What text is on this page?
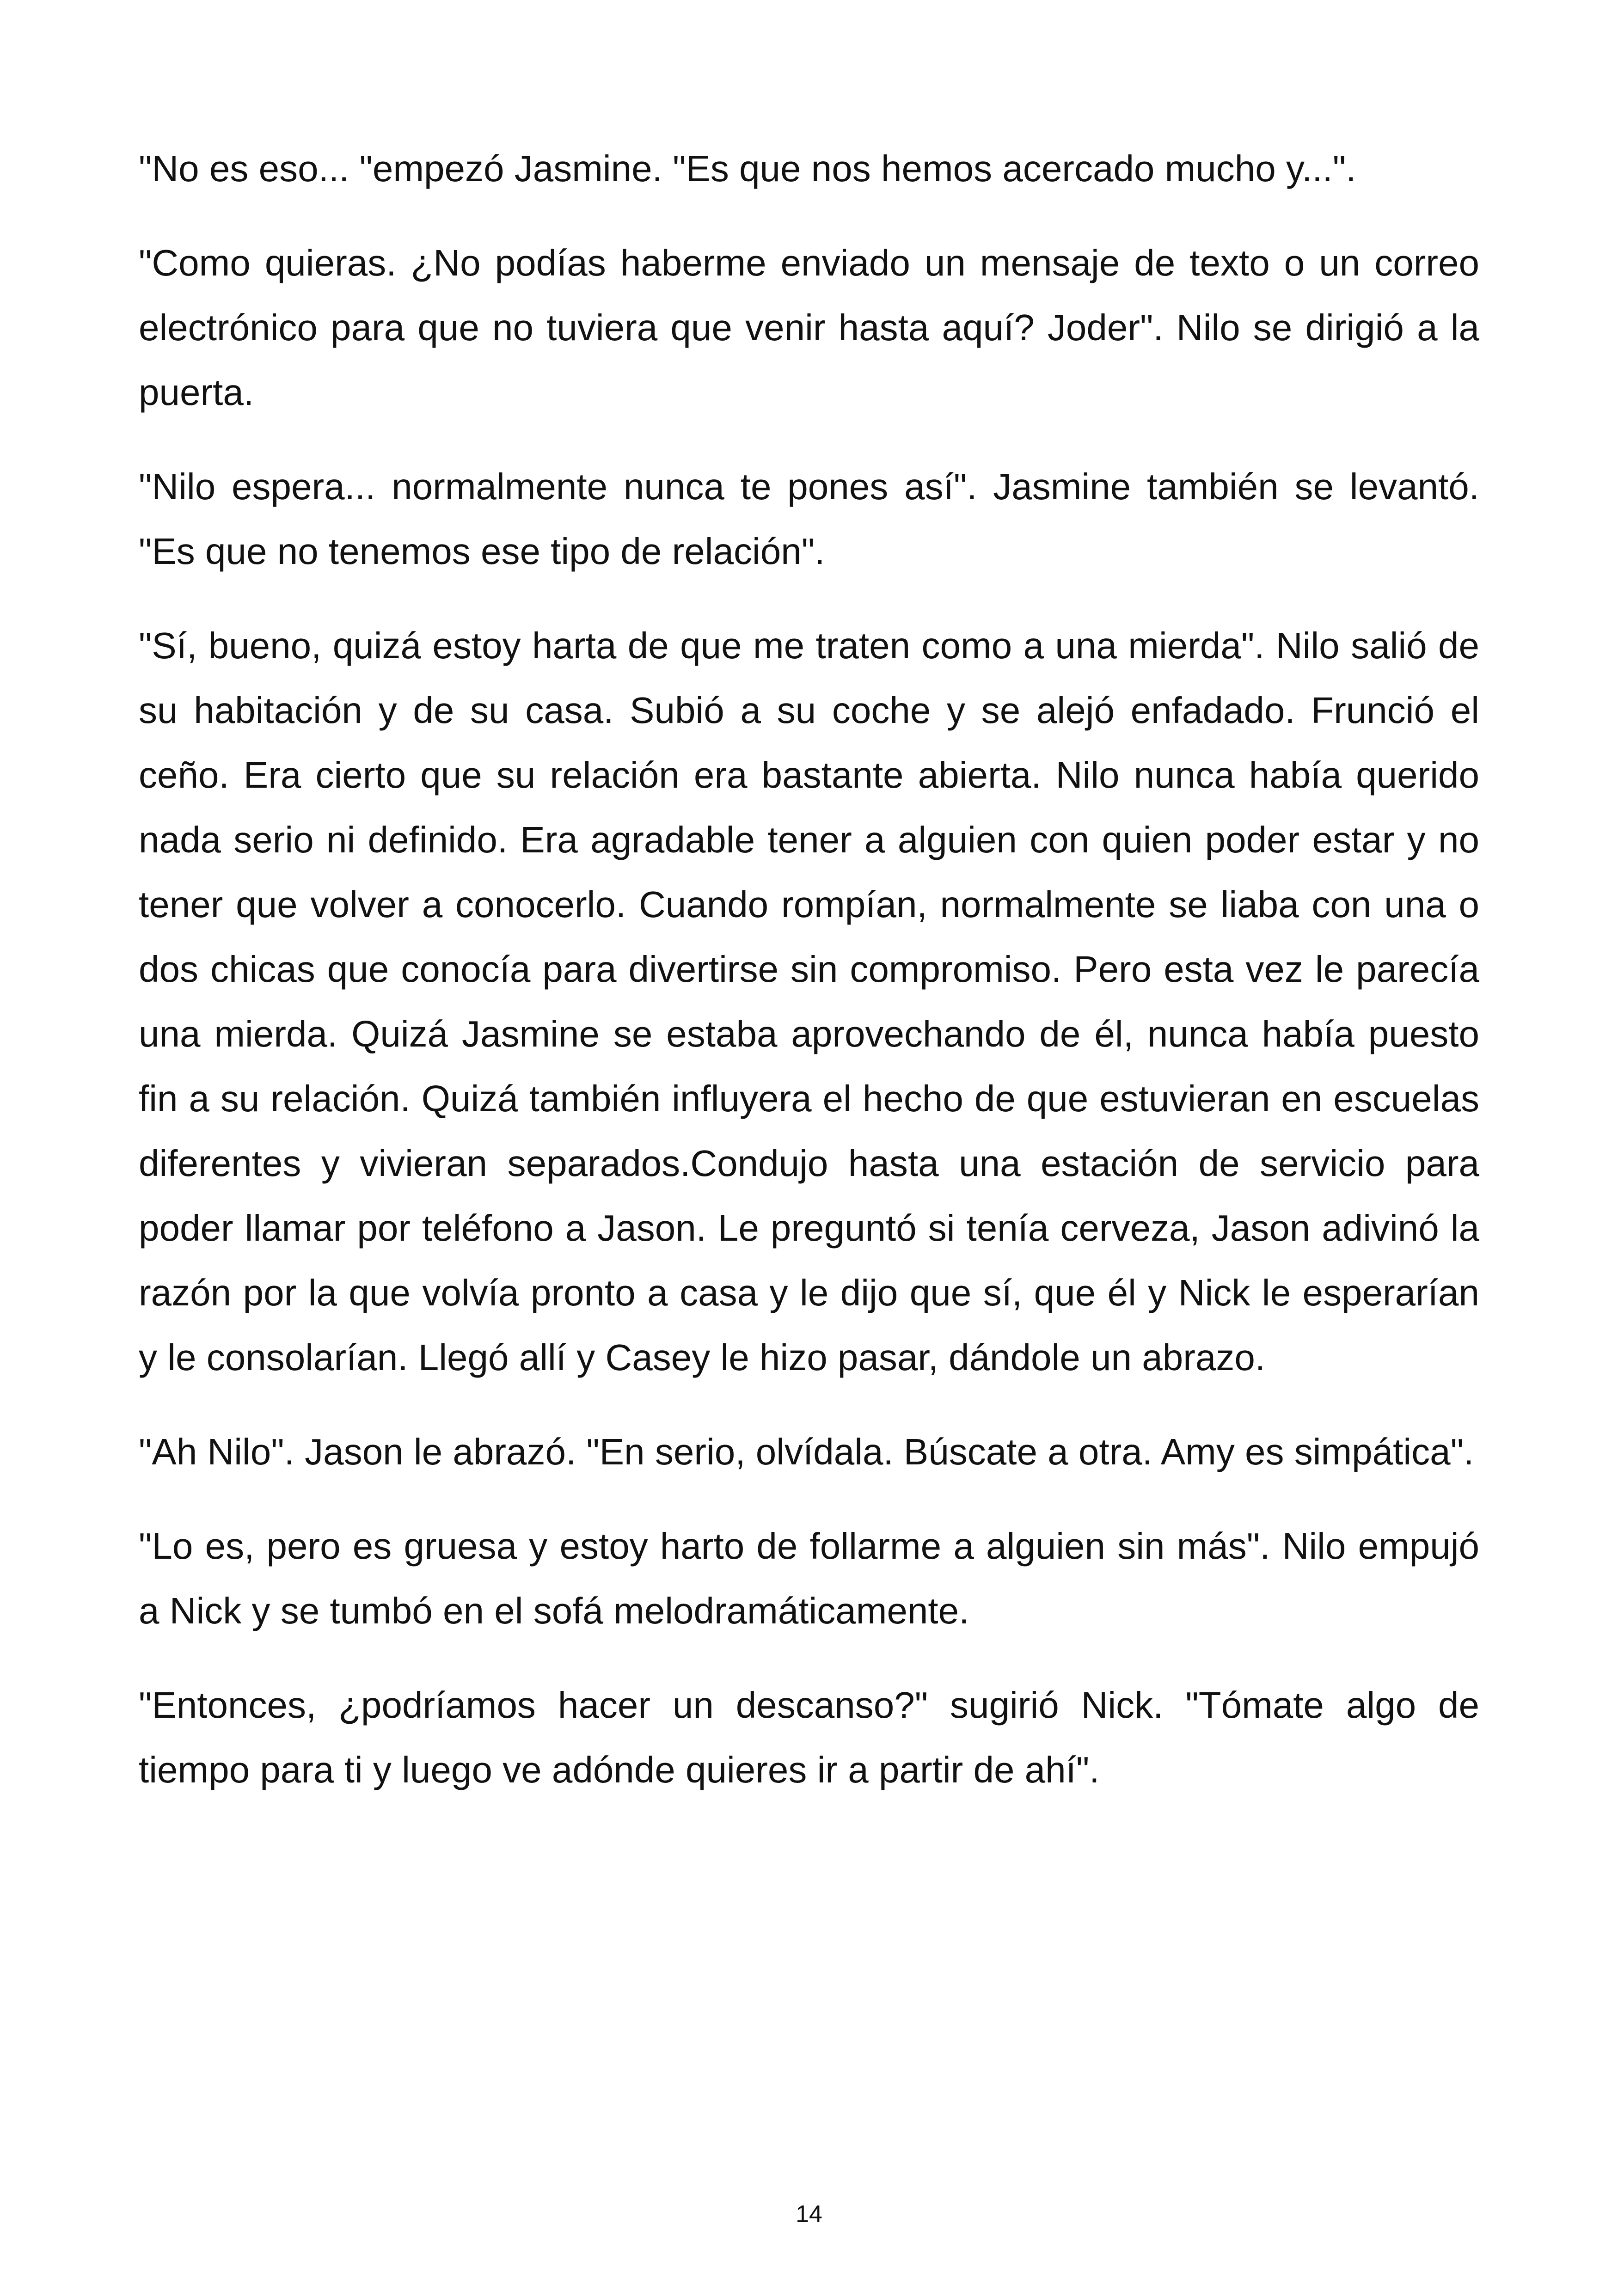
"No es eso... "empezó Jasmine. "Es que nos hemos acercado mucho y...".

"Como quieras. ¿No podías haberme enviado un mensaje de texto o un correo electrónico para que no tuviera que venir hasta aquí? Joder". Nilo se dirigió a la puerta.

"Nilo espera... normalmente nunca te pones así". Jasmine también se levantó. "Es que no tenemos ese tipo de relación".

"Sí, bueno, quizá estoy harta de que me traten como a una mierda". Nilo salió de su habitación y de su casa. Subió a su coche y se alejó enfadado. Frunció el ceño. Era cierto que su relación era bastante abierta. Nilo nunca había querido nada serio ni definido. Era agradable tener a alguien con quien poder estar y no tener que volver a conocerlo. Cuando rompían, normalmente se liaba con una o dos chicas que conocía para divertirse sin compromiso. Pero esta vez le parecía una mierda. Quizá Jasmine se estaba aprovechando de él, nunca había puesto fin a su relación. Quizá también influyera el hecho de que estuvieran en escuelas diferentes y vivieran separados.Condujo hasta una estación de servicio para poder llamar por teléfono a Jason. Le preguntó si tenía cerveza, Jason adivinó la razón por la que volvía pronto a casa y le dijo que sí, que él y Nick le esperarían y le consolarían. Llegó allí y Casey le hizo pasar, dándole un abrazo.

"Ah Nilo". Jason le abrazó. "En serio, olvídala. Búscate a otra. Amy es simpática".

"Lo es, pero es gruesa y estoy harto de follarme a alguien sin más". Nilo empujó a Nick y se tumbó en el sofá melodramáticamente.

"Entonces, ¿podríamos hacer un descanso?" sugirió Nick. "Tómate algo de tiempo para ti y luego ve adónde quieres ir a partir de ahí".

14
